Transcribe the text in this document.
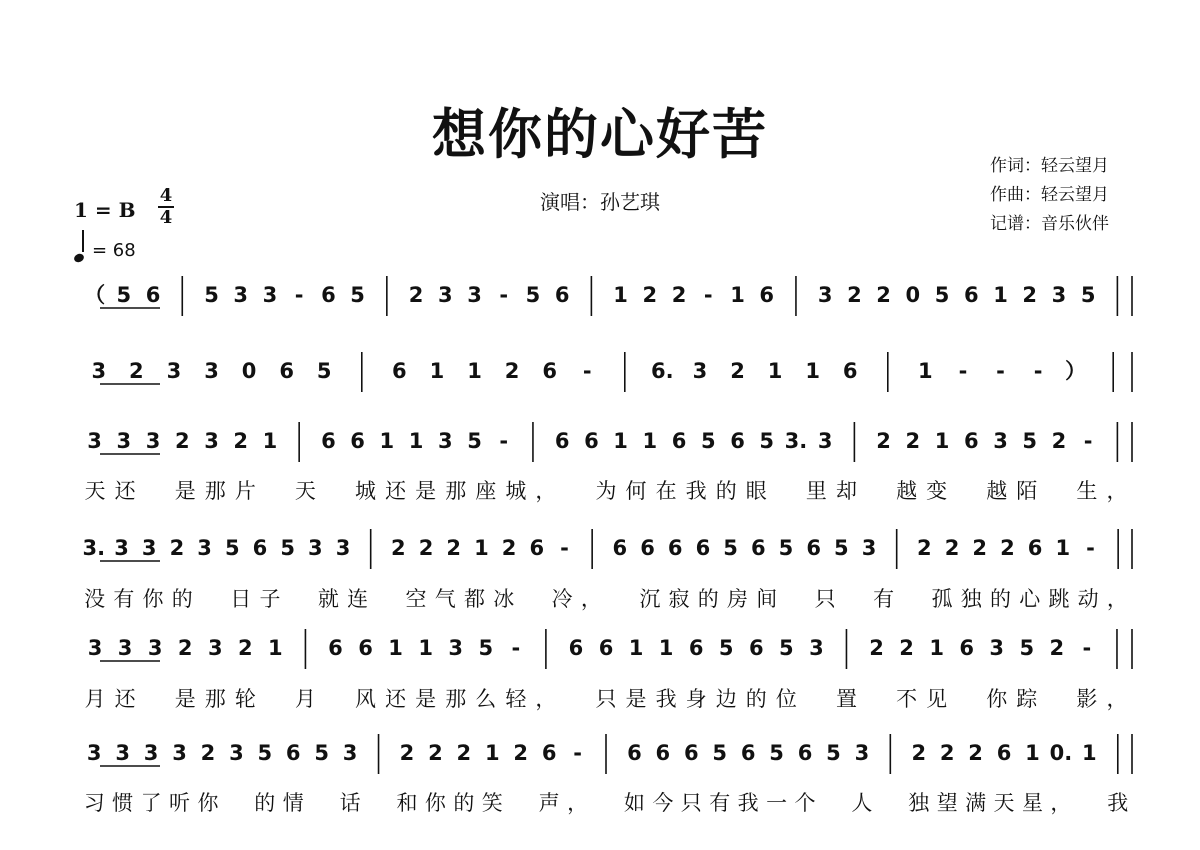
想你的心好苦
演唱：孙艺琪
作词：轻云望月
作曲：轻云望月
记谱：音乐伙伴
1 = B
4
4
= 68
（ 5 6 5 3 3 - 6 5 2 3 3 - 5 6 1 2 2 - 1 6 3 2 2 0 5 6 1 2 3 5
3 2 3 3 0 6 5	6 1 1 2 6 -	6. 3 2 1 1 6	1 - - - ）
3 3 3 2 3 2 1 6 6 1 1 3 5 - 6 6 1 1 6 5 6 5 3. 3 2 2 1 6 3 5 2 -
天 还 是 那 片 天 城 还 是 那 座 城 ， 为 何 在 我 的 眼 里 却 越 变 越 陌 生 ，
3. 3 3 2 3 5 6 5 3 3 2 2 2 1 2 6 - 6 6 6 6 5 6 5 6 5 3 2 2 2 2 6 1 -
没 有 你 的 日 子 就 连 空 气 都 冰 冷 ， 沉 寂 的 房 间 只 有 孤 独 的 心 跳 动 ，
3 3 3 2 3 2 1 6 6 1 1 3 5 - 6 6 1 1 6 5 6 5 3 2 2 1 6 3 5 2 -
月 还 是 那 轮 月 风 还 是 那 么 轻 ， 只 是 我 身 边 的 位 置 不 见 你 踪 影 ，
3 3 3 3 2 3 5 6 5 3 2 2 2 1 2 6 - 6 6 6 5 6 5 6 5 3 2 2 2 6 1 0. 1
习 惯 了 听 你 的 情 话 和 你 的 笑 声 ， 如 今 只 有 我 一 个 人 独 望 满 天 星 ， 我
